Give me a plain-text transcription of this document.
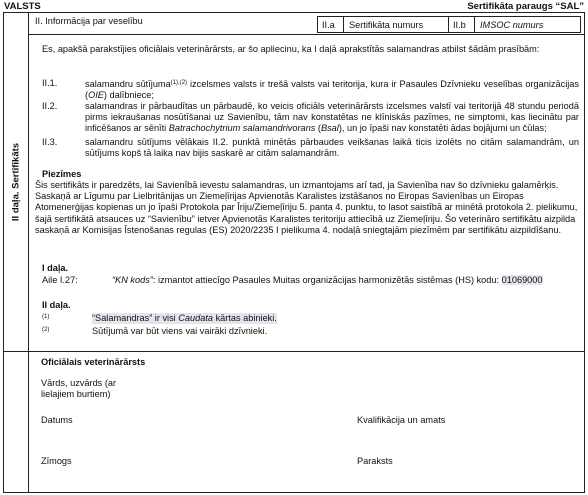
VALSTS	Sertifikāta paraugs “SAL”
II daļa. Sertifikāts
II. Informācija par veselību	II.a Sertifikāta numurs	II.b IMSOC numurs

Es, apakšā parakstījies oficiālais veterinārārsts, ar šo apliecinu, ka I daļā aprakstītās salamandras atbilst šādām prasībām:

II.1.	salamandru sūtījuma$^{(1),(2)}$ izcelsmes valsts ir trešā valsts vai teritorija, kura ir Pasaules Dzīvnieku veselības organizācijas (OIE) dalībniece;

II.2.	salamandras ir pārbaudītas un pārbaudē, ko veicis oficiāls veterinārārsts izcelsmes valstī vai teritorijā 48 stundu periodā pirms iekraušanas nosūtīšanai uz Savienību, tām nav konstatētas ne klīniskās pazīmes, ne simptomi, kas liecinātu par inficēšanos ar sēnīti Batrachochytrium salamandrivorans (Bsal), un jo īpaši nav konstatēti ādas bojājumi un čūlas;

II.3.	salamandru sūtījums vēlākais II.2. punktā minētās pārbaudes veikšanas laikā ticis izolēts no citām salamandrām, un sūtījums kopš tā laika nav bijis saskarē ar citām salamandrām.

Piezīmes

Šis sertifikāts ir paredzēts, lai Savienībā ievestu salamandras, un izmantojams arī tad, ja Savienība nav šo dzīvnieku galamērķis. Saskaņā ar Līgumu par Lielbritānijas un Ziemeļīrijas Apvienotās Karalistes izstāšanos no Eiropas Savienības un Eiropas Atomenerģijas kopienas un jo īpaši Protokola par Īriju/Ziemeļīriju 5. panta 4. punktu, to lasot saistībā ar minētā protokola 2. pielikumu, šajā sertifikātā atsauces uz “Savienību” ietver Apvienotās Karalistes teritoriju attiecībā uz Ziemeļīriju. Šo veterināro sertifikātu aizpilda saskaņā ar Komisijas Īstenošanas regulas (ES) 2020/2235 I pielikuma 4. nodaļā sniegtajām piezīmēm par sertifikātu aizpildīšanu.

I daļa.

Aile I.27:	“KN kods”: izmantot attiecīgo Pasaules Muitas organizācijas harmonizētās sistēmas (HS) kodu: 01069000

II daļa.

(1)	“Salamandras” ir visi Caudata kārtas abinieki.
(2)	Sūtījumā var būt viens vai vairāki dzīvnieki.

Oficiālais veterinārārsts

Vārds, uzvārds (ar lielajiem burtiem)

Datums	Kvalifikācija un amats

Zīmogs	Paraksts
